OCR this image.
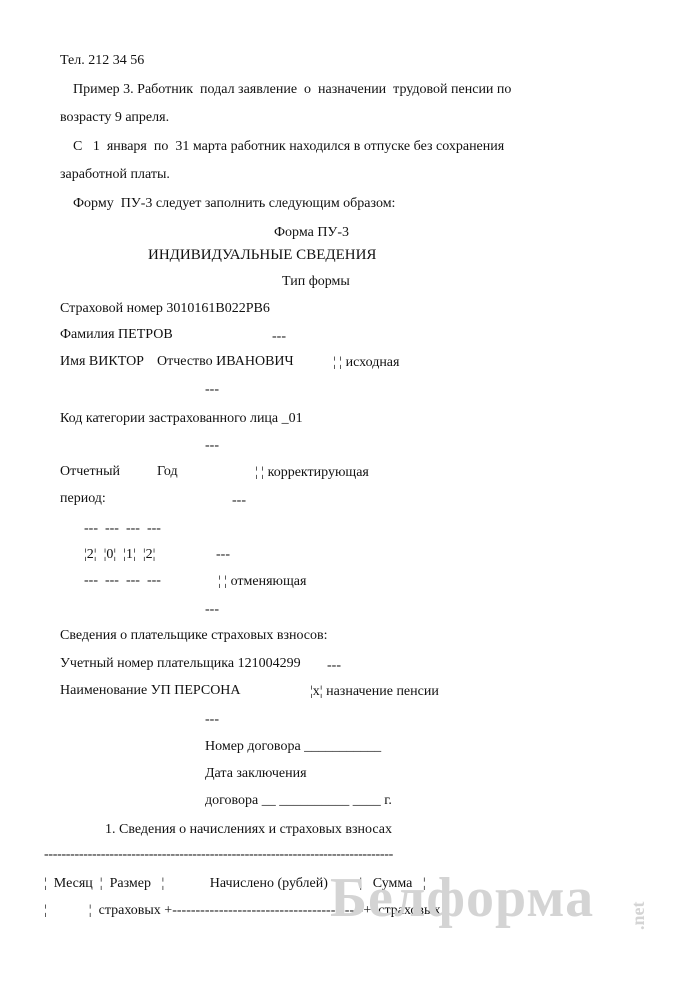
Тел. 212 34 56
Пример 3. Работник  подал заявление  о  назначении  трудовой пенсии по
возрасту 9 апреля.
С   1  января  по  31 марта работник находился в отпуске без сохранения
заработной платы.
Форму  ПУ-3 следует заполнить следующим образом:
Форма ПУ-3
ИНДИВИДУАЛЬНЫЕ СВЕДЕНИЯ
Тип формы
Страховой номер 3010161В022РВ6
Фамилия ПЕТРОВ	---
Имя ВИКТОР Отчество ИВАНОВИЧ	¦ ¦ исходная
---
Код категории застрахованного лица _01
---
Отчетный	Год	¦ ¦ корректирующая
период:	---
---  ---  ---  ---
¦2¦  ¦0¦  ¦1¦  ¦2¦	---
---  ---  ---  ---	¦ ¦ отменяющая
---
Сведения о плательщике страховых взносов:
Учетный номер плательщика 121004299 ---
Наименование УП ПЕРСОНА	¦x¦ назначение пенсии
---
Номер договора ___________
Дата заключения
договора __ __________ ____ г.
1. Сведения о начислениях и страховых взносах
--------------------------------------------------------------------------------
¦  Месяц  ¦  Размер   ¦             Начислено (рублей)         ¦   Сумма   ¦
¦            ¦  страховых +-----------------------------------------+  страховых ¦
Белформа .net
